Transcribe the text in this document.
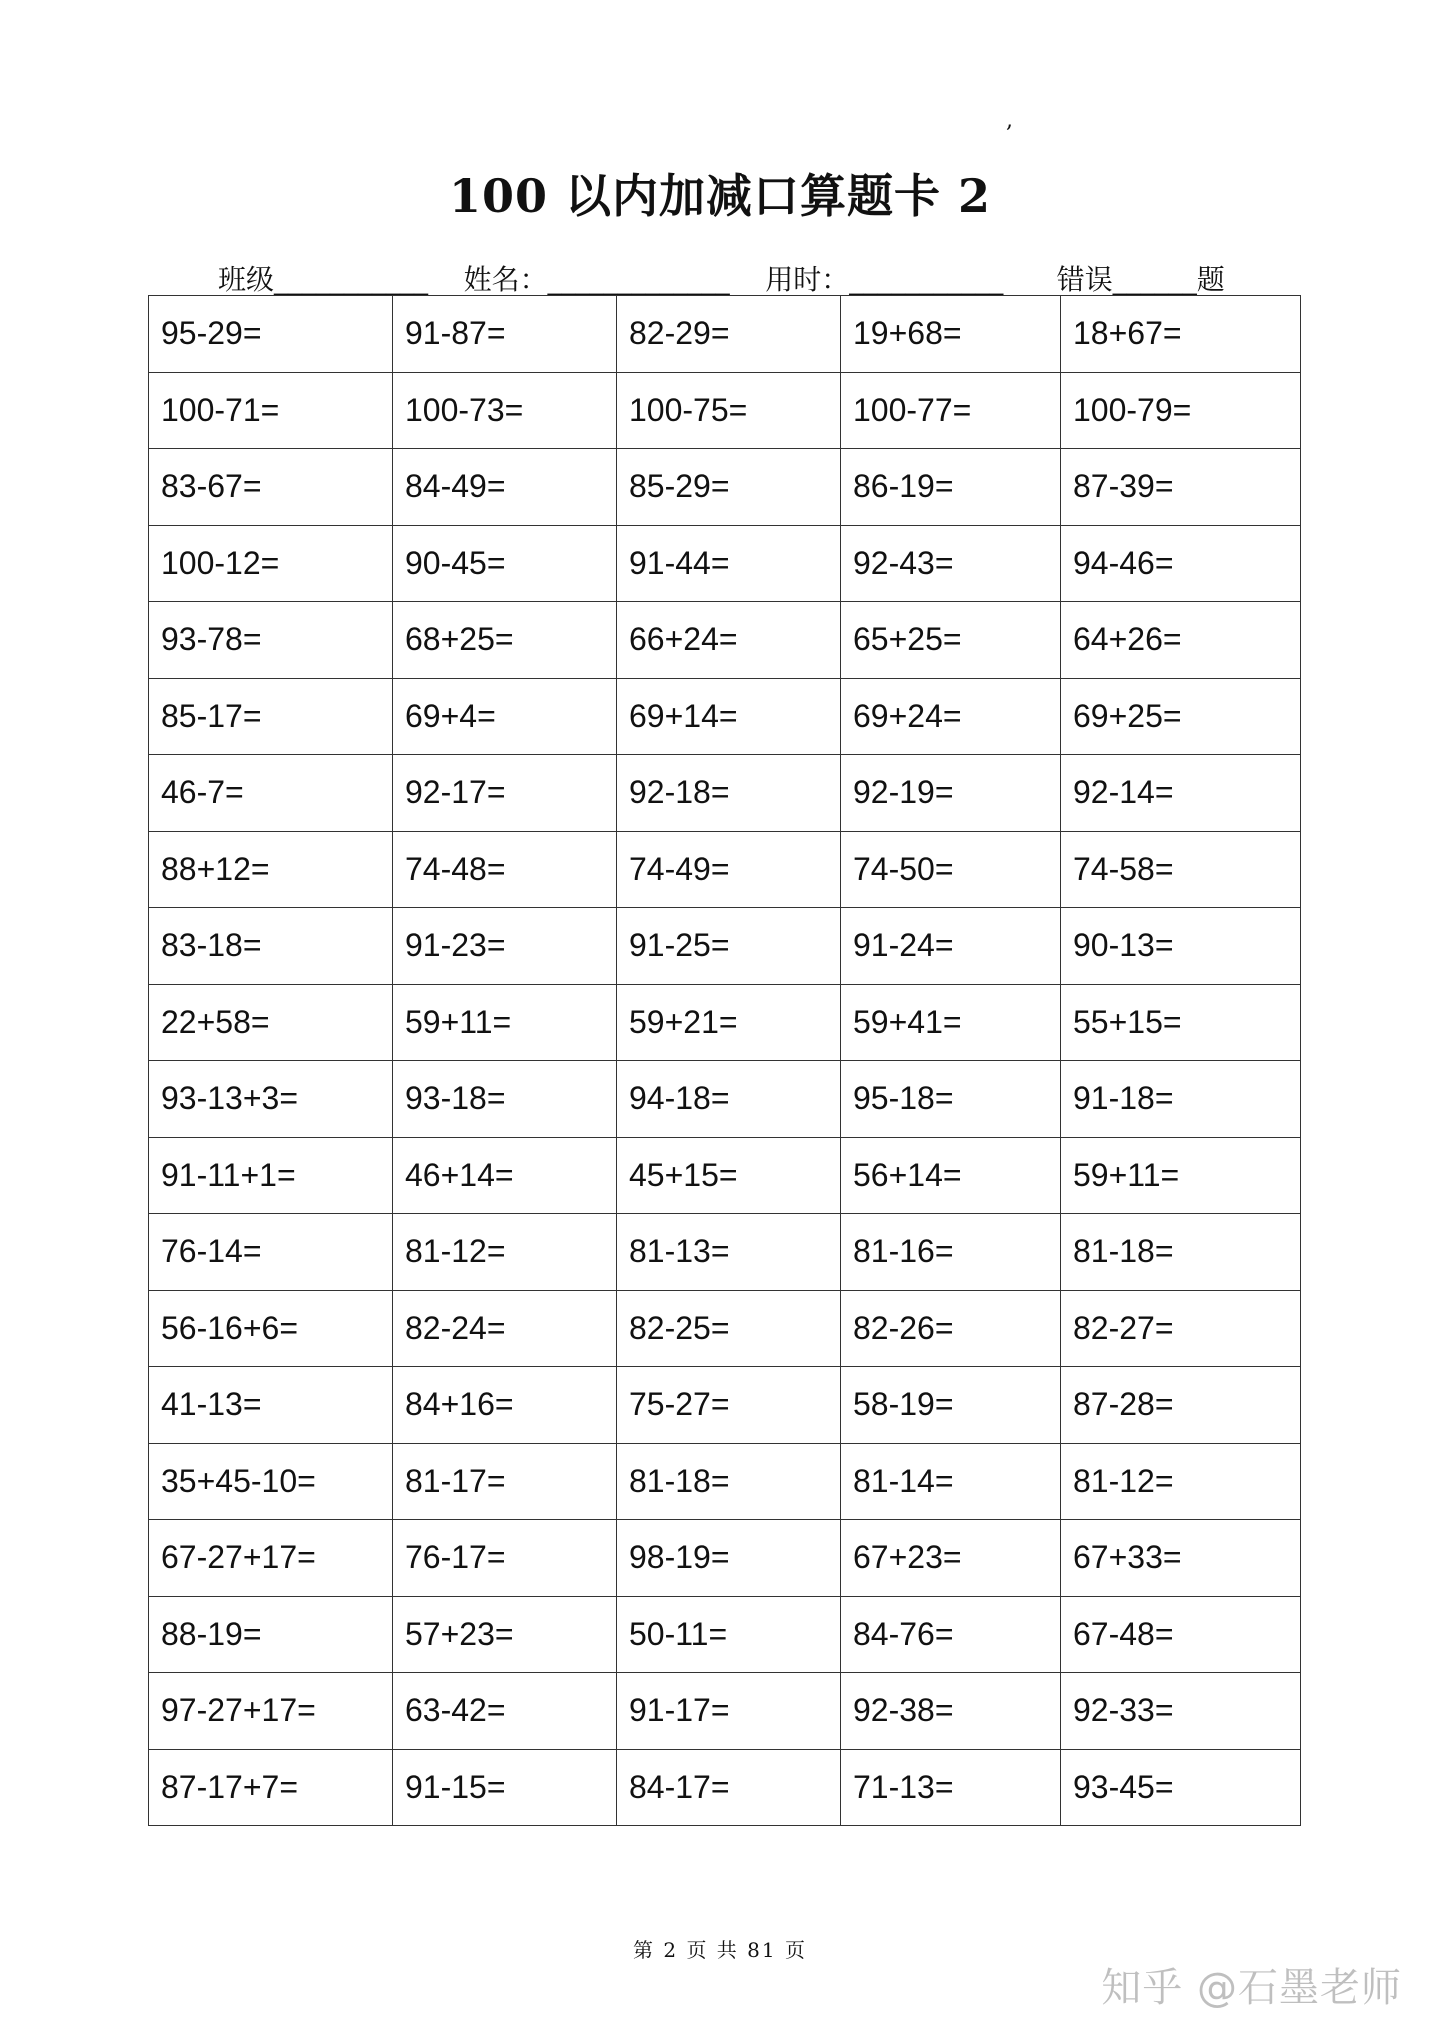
,
100 以内加减口算题卡 2
班级___________ 姓名：_____________ 用时：___________ 错误______题
95-29=	91-87=	82-29=	19+68=	18+67=
100-71=	100-73=	100-75=	100-77=	100-79=
83-67=	84-49=	85-29=	86-19=	87-39=
100-12=	90-45=	91-44=	92-43=	94-46=
93-78=	68+25=	66+24=	65+25=	64+26=
85-17=	69+4=	69+14=	69+24=	69+25=
46-7=	92-17=	92-18=	92-19=	92-14=
88+12=	74-48=	74-49=	74-50=	74-58=
83-18=	91-23=	91-25=	91-24=	90-13=
22+58=	59+11=	59+21=	59+41=	55+15=
93-13+3=	93-18=	94-18=	95-18=	91-18=
91-11+1=	46+14=	45+15=	56+14=	59+11=
76-14=	81-12=	81-13=	81-16=	81-18=
56-16+6=	82-24=	82-25=	82-26=	82-27=
41-13=	84+16=	75-27=	58-19=	87-28=
35+45-10=	81-17=	81-18=	81-14=	81-12=
67-27+17=	76-17=	98-19=	67+23=	67+33=
88-19=	57+23=	50-11=	84-76=	67-48=
97-27+17=	63-42=	91-17=	92-38=	92-33=
87-17+7=	91-15=	84-17=	71-13=	93-45=
第 2 页 共 81 页
知乎 @石墨老师
